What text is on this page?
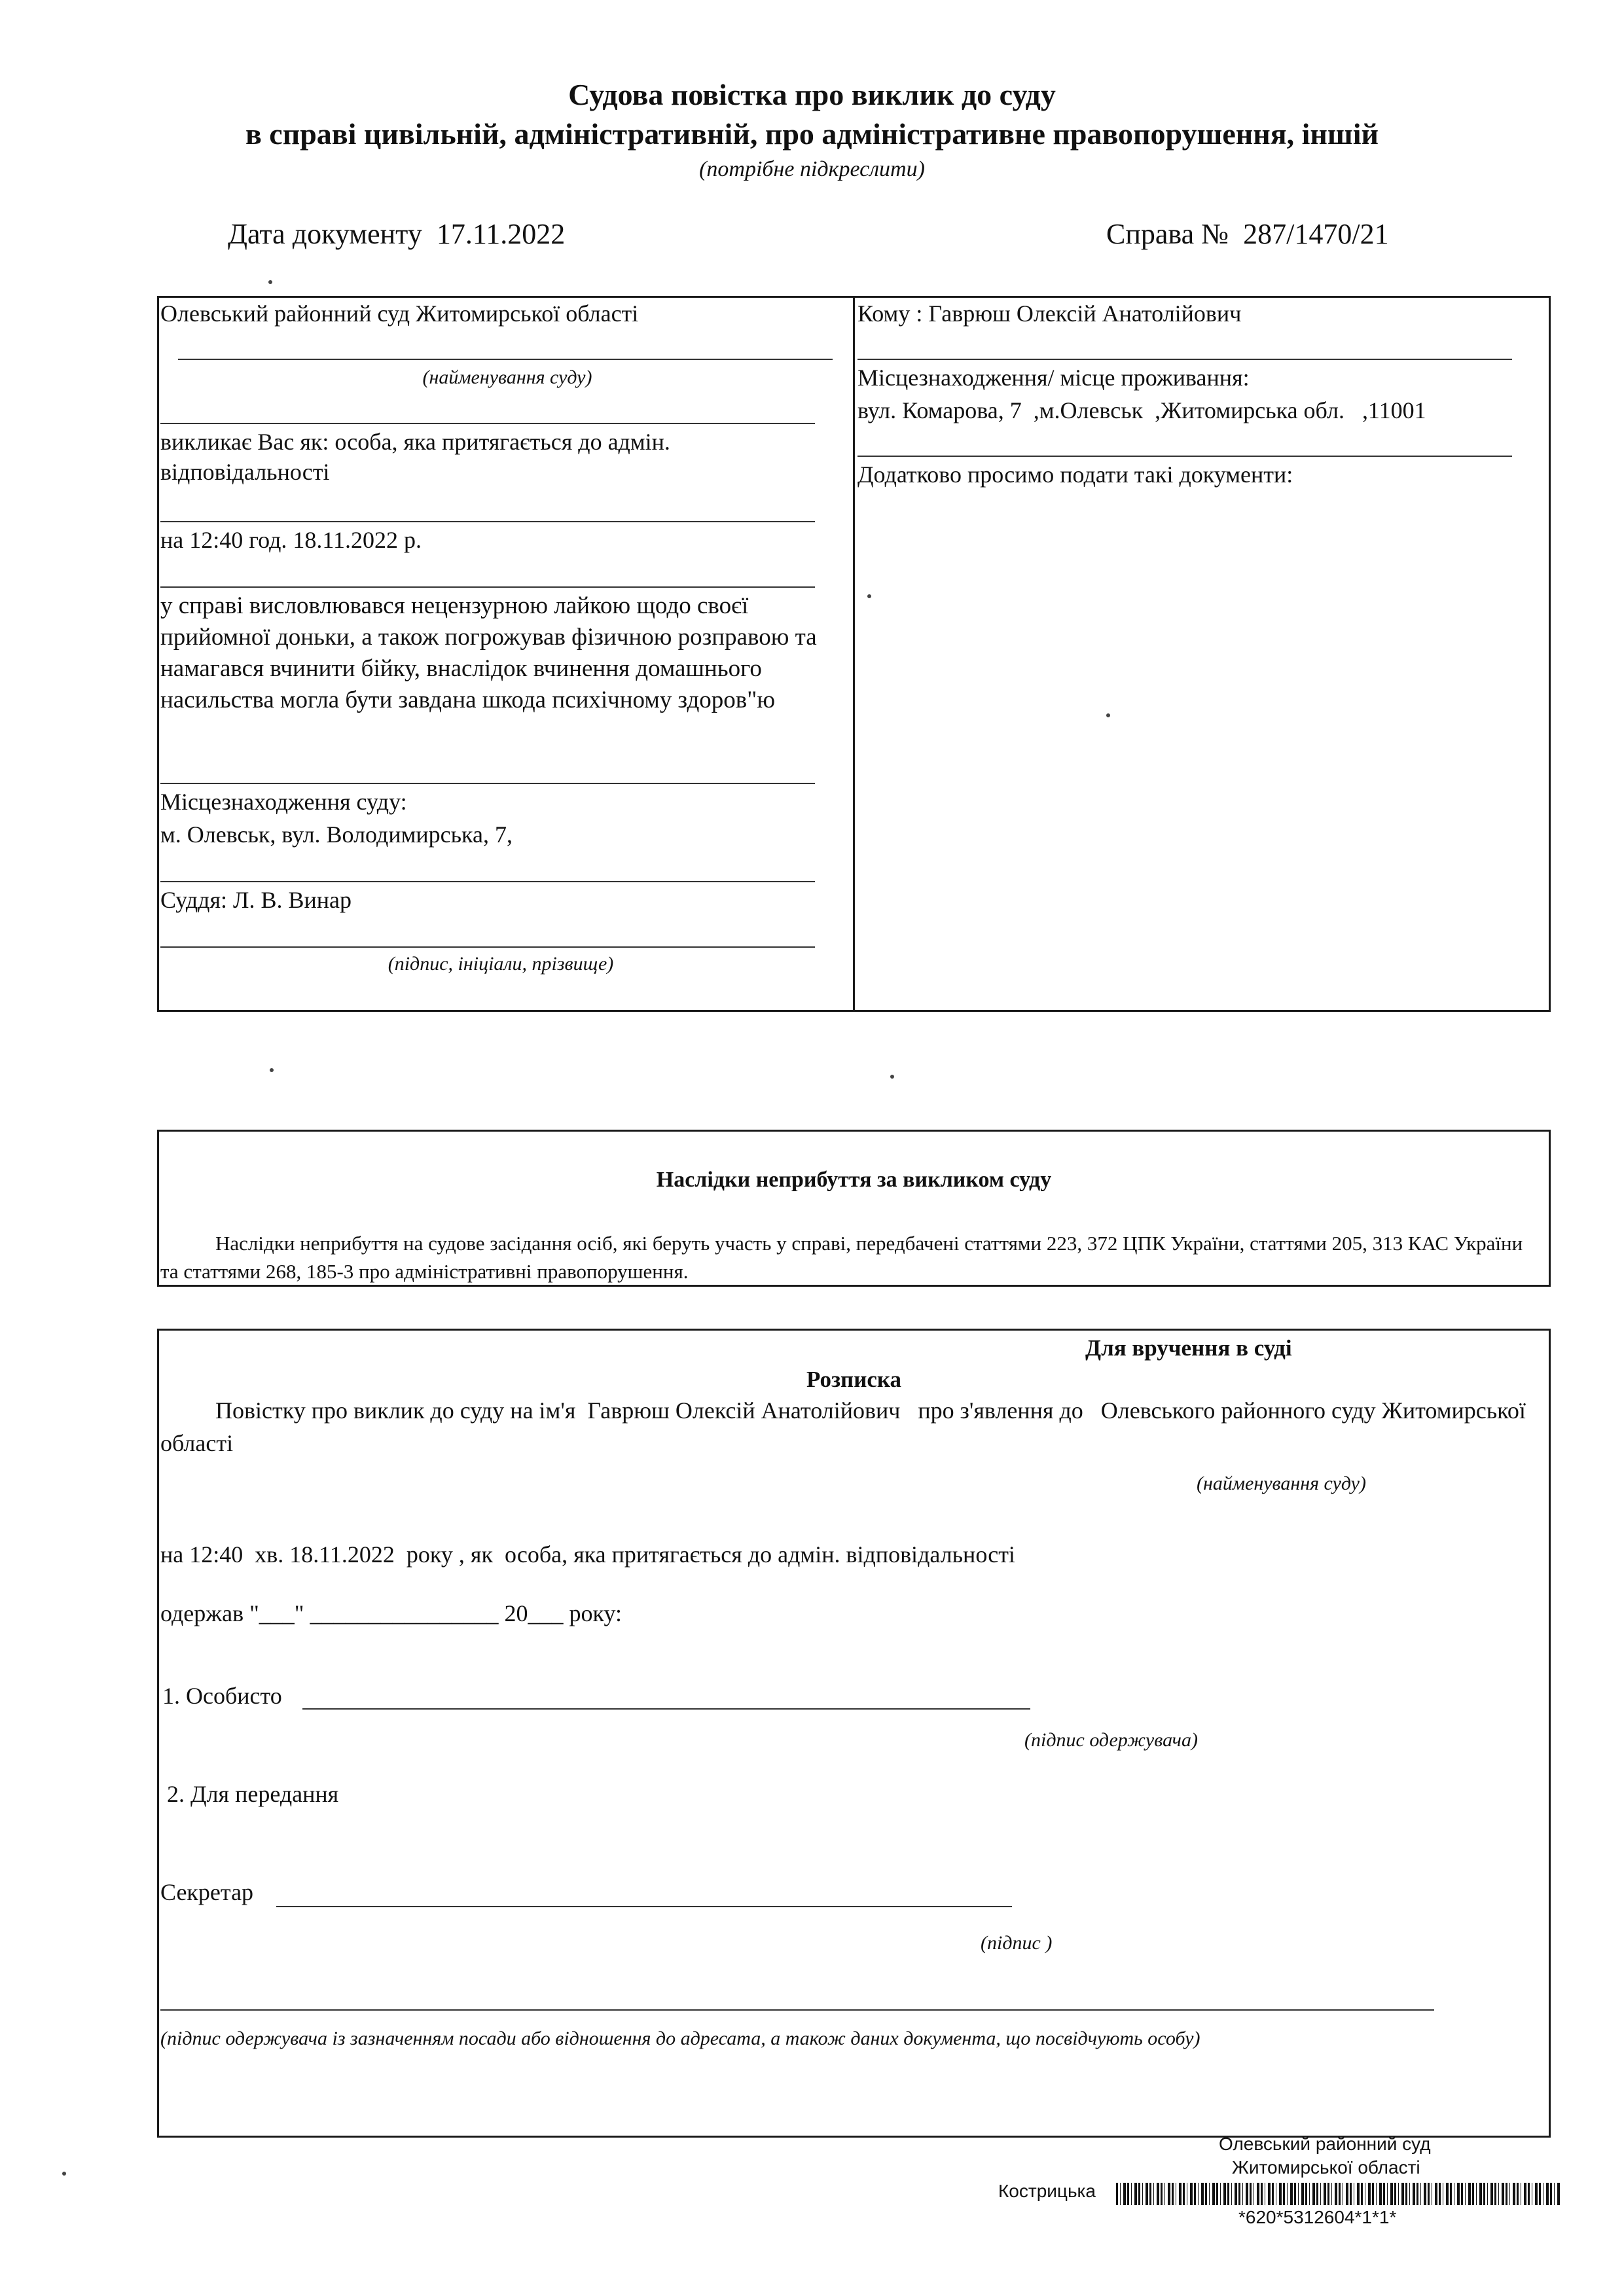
Судова повістка про виклик до суду
в справі цивільній, адміністративній, про адміністративне правопорушення, іншій
(потрібне підкреслити)
Дата документу 17.11.2022	Справа № 287/1470/21
Олевський районний суд Житомирської області
(найменування суду)
викликає Вас як: особа, яка притягається до адмін. відповідальності
на 12:40 год. 18.11.2022 р.
у справі висловлювався нецензурною лайкою щодо своєї прийомної доньки, а також погрожував фізичною розправою та намагався вчинити бійку, внаслідок вчинення домашнього насильства могла бути завдана шкода психічному здоров"ю
Місцезнаходження суду:
м. Олевськ, вул. Володимирська, 7,
Суддя: Л. В. Винар
(підпис, ініціали, прізвище)
Кому : Гаврюш Олексій Анатолійович
Місцезнаходження/ місце проживання:
вул. Комарова, 7  ,м.Олевськ  ,Житомирська обл.   ,11001
Додатково просимо подати такі документи:
Наслідки неприбуття за викликом суду
Наслідки неприбуття на судове засідання осіб, які беруть участь у справі, передбачені статтями 223, 372 ЦПК України, статтями 205, 313 КАС України та статтями 268, 185-3 про адміністративні правопорушення.
Для вручення в суді
Розписка
Повістку про виклик до суду на ім'я  Гаврюш Олексій Анатолійович   про з'явлення до   Олевського районного суду Житомирської області
(найменування суду)
на 12:40  хв. 18.11.2022  року , як  особа, яка притягається до адмін. відповідальності
одержав "___" ________________ 20___ року:
1. Особисто
(підпис одержувача)
2. Для передання
Секретар
(підпис )
(підпис одержувача із зазначенням посади або відношення до адресата, а також даних документа, що посвідчують особу)
Олевський районний суд
Житомирської області
Кострицька
*620*5312604*1*1*
